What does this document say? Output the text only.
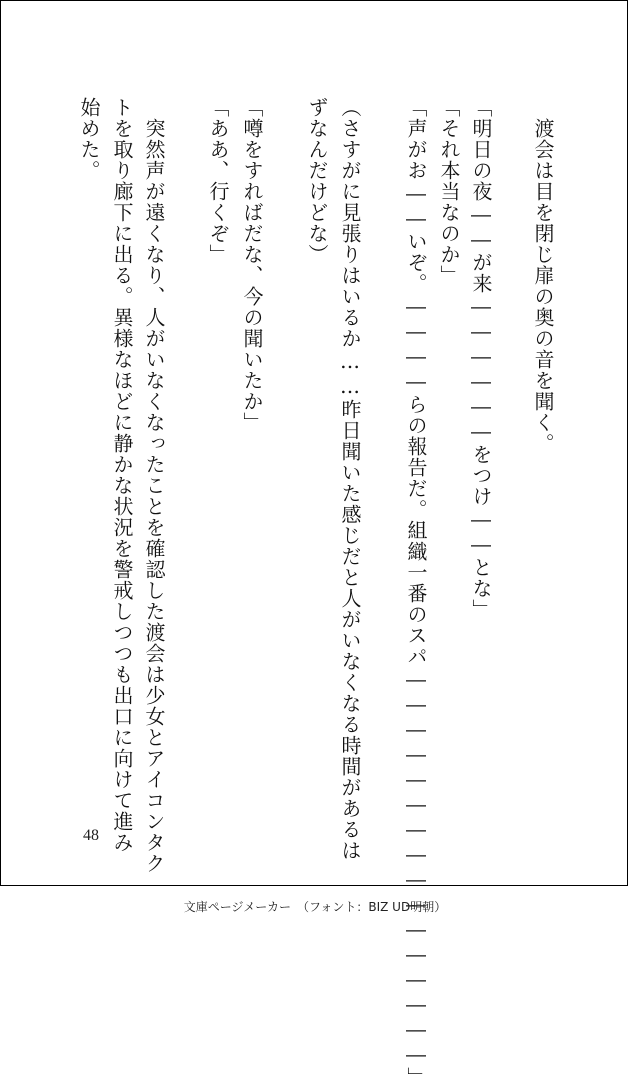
　渡会は目を閉じ扉の奥の音を聞く。
「明日の夜――が来――――――をつけ――とな」
「それ本当なのか」
「声がお――いぞ。――――らの報告だ。組織一番のスパ――――――――――――――――」
（さすがに見張りはいるか……昨日聞いた感じだと人がいなくなる時間があるは
ずなんだけどな）
「噂をすればだな、今の聞いたか」
「ああ、行くぞ」
　突然声が遠くなり、人がいなくなったことを確認した渡会は少女とアイコンタク
トを取り廊下に出る。異様なほどに静かな状況を警戒しつつも出口に向けて進み
始めた。
48
文庫ページメーカー　（フォント：BIZ UD明朝）
